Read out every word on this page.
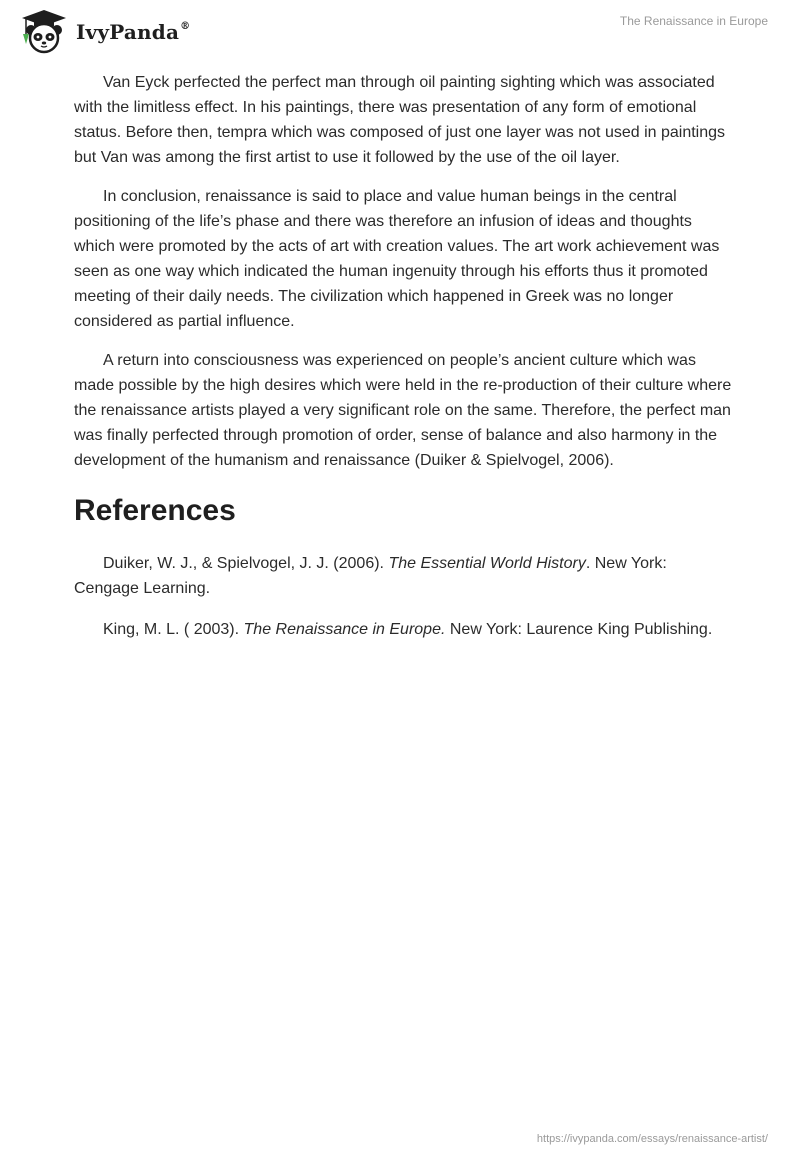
IvyPanda®	The Renaissance in Europe

Van Eyck perfected the perfect man through oil painting sighting which was associated with the limitless effect. In his paintings, there was presentation of any form of emotional status. Before then, tempra which was composed of just one layer was not used in paintings but Van was among the first artist to use it followed by the use of the oil layer.

In conclusion, renaissance is said to place and value human beings in the central positioning of the life’s phase and there was therefore an infusion of ideas and thoughts which were promoted by the acts of art with creation values. The art work achievement was seen as one way which indicated the human ingenuity through his efforts thus it promoted meeting of their daily needs. The civilization which happened in Greek was no longer considered as partial influence.

A return into consciousness was experienced on people’s ancient culture which was made possible by the high desires which were held in the re-production of their culture where the renaissance artists played a very significant role on the same. Therefore, the perfect man was finally perfected through promotion of order, sense of balance and also harmony in the development of the humanism and renaissance (Duiker & Spielvogel, 2006).

References

Duiker, W. J., & Spielvogel, J. J. (2006). The Essential World History. New York: Cengage Learning.

King, M. L. ( 2003). The Renaissance in Europe. New York: Laurence King Publishing.

https://ivypanda.com/essays/renaissance-artist/
